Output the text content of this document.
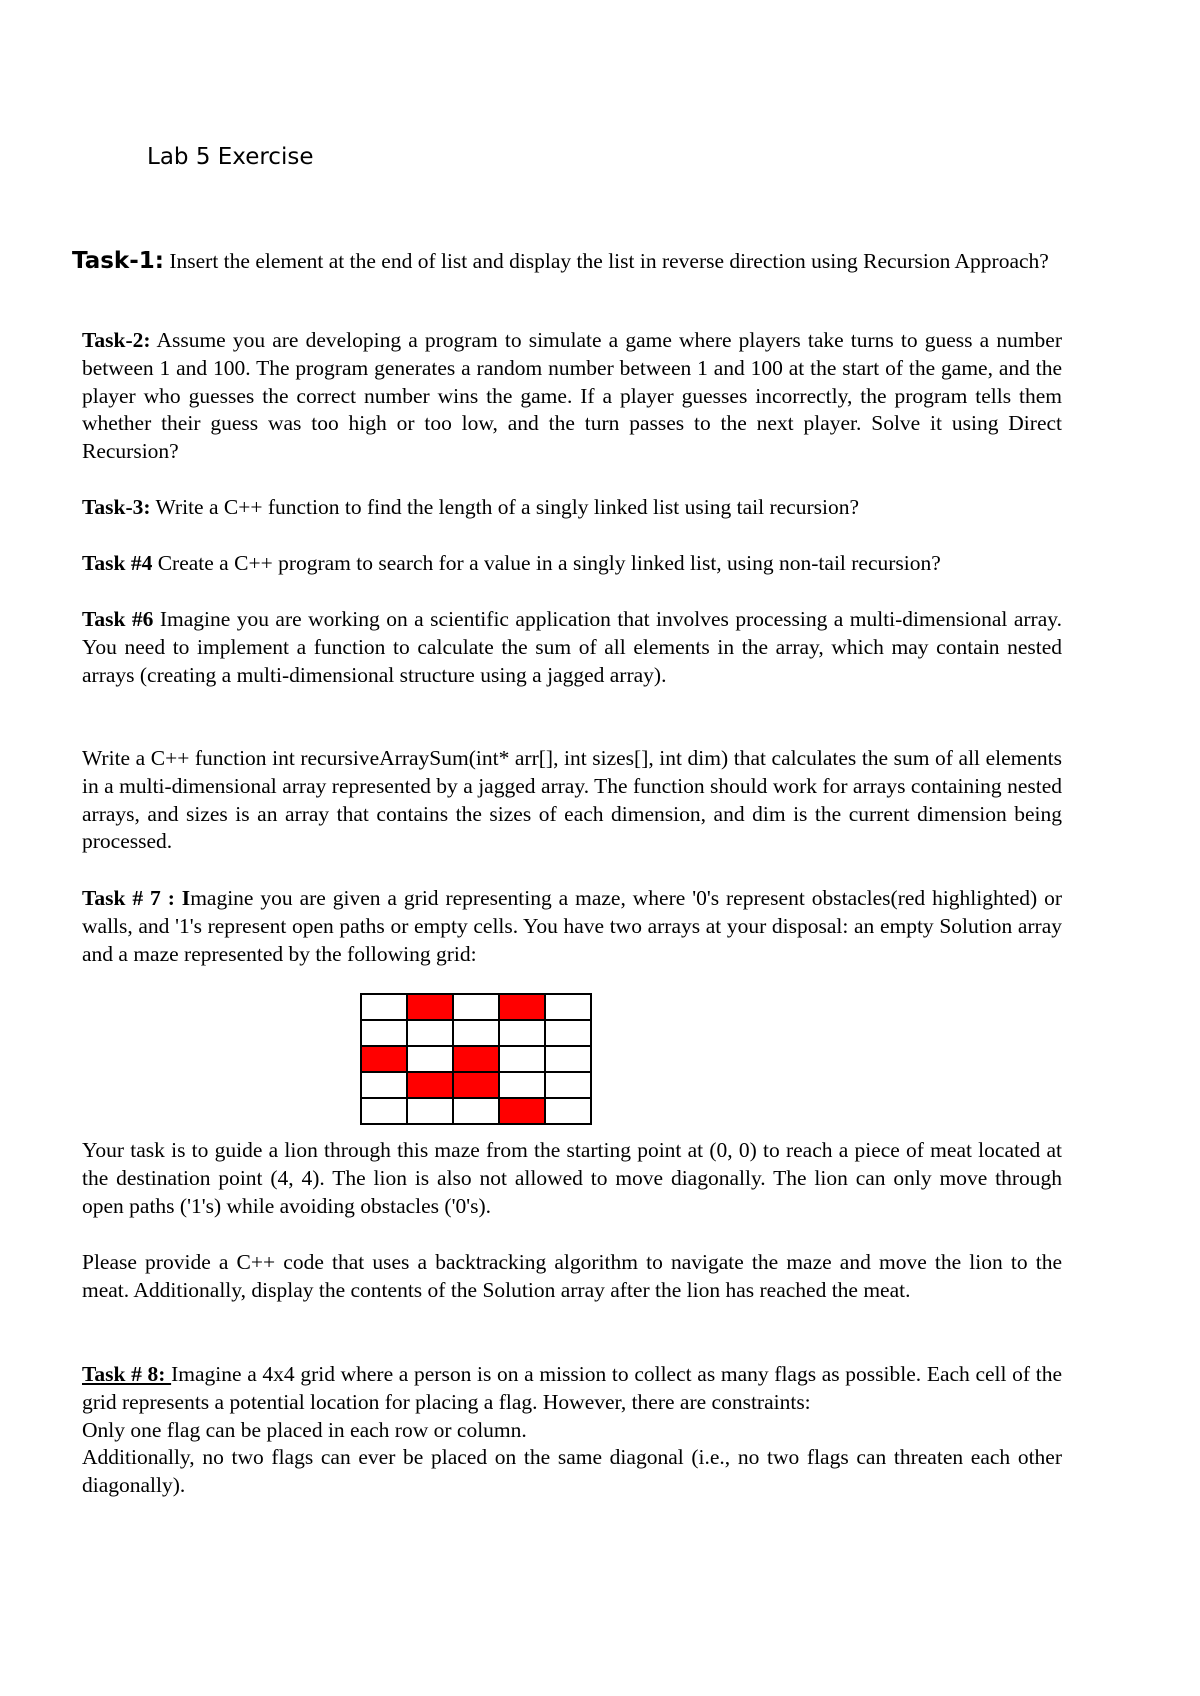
Lab 5 Exercise
Task-1: Insert the element at the end of list and display the list in reverse direction using Recursion Approach?

Task-2: Assume you are developing a program to simulate a game where players take turns to guess a number between 1 and 100. The program generates a random number between 1 and 100 at the start of the game, and the player who guesses the correct number wins the game. If a player guesses incorrectly, the program tells them whether their guess was too high or too low, and the turn passes to the next player. Solve it using Direct Recursion?

Task-3: Write a C++ function to find the length of a singly linked list using tail recursion?

Task #4 Create a C++ program to search for a value in a singly linked list, using non-tail recursion?

Task #6 Imagine you are working on a scientific application that involves processing a multi-dimensional array. You need to implement a function to calculate the sum of all elements in the array, which may contain nested arrays (creating a multi-dimensional structure using a jagged array).

Write a C++ function int recursiveArraySum(int* arr[], int sizes[], int dim) that calculates the sum of all elements in a multi-dimensional array represented by a jagged array. The function should work for arrays containing nested arrays, and sizes is an array that contains the sizes of each dimension, and dim is the current dimension being processed.

Task # 7 : Imagine you are given a grid representing a maze, where '0's represent obstacles(red highlighted) or walls, and '1's represent open paths or empty cells. You have two arrays at your disposal: an empty Solution array and a maze represented by the following grid:

Your task is to guide a lion through this maze from the starting point at (0, 0) to reach a piece of meat located at the destination point (4, 4). The lion is also not allowed to move diagonally. The lion can only move through open paths ('1's) while avoiding obstacles ('0's).

Please provide a C++ code that uses a backtracking algorithm to navigate the maze and move the lion to the meat. Additionally, display the contents of the Solution array after the lion has reached the meat.

Task # 8: Imagine a 4x4 grid where a person is on a mission to collect as many flags as possible. Each cell of the grid represents a potential location for placing a flag. However, there are constraints:
Only one flag can be placed in each row or column.
Additionally, no two flags can ever be placed on the same diagonal (i.e., no two flags can threaten each other diagonally).
